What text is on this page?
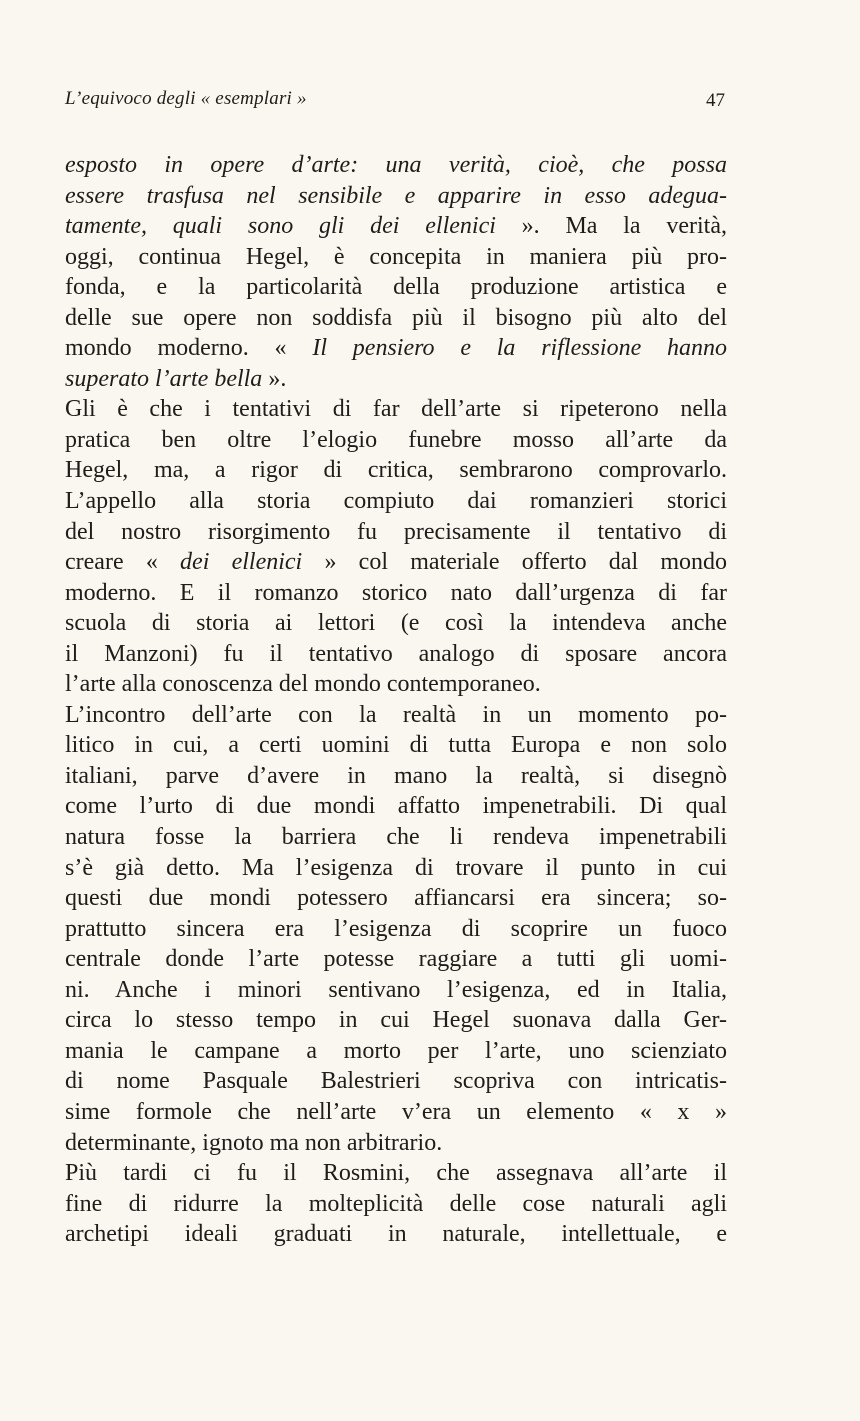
L’equivoco degli « esemplari »	47
esposto in opere d’arte: una verità, cioè, che possa
essere trasfusa nel sensibile e apparire in esso adegua-
tamente, quali sono gli dei ellenici ». Ma la verità,
oggi, continua Hegel, è concepita in maniera più pro-
fonda, e la particolarità della produzione artistica e
delle sue opere non soddisfa più il bisogno più alto del
mondo moderno. « Il pensiero e la riflessione hanno
superato l’arte bella ».
Gli è che i tentativi di far dell’arte si ripeterono nella
pratica ben oltre l’elogio funebre mosso all’arte da
Hegel, ma, a rigor di critica, sembrarono comprovarlo.
L’appello alla storia compiuto dai romanzieri storici
del nostro risorgimento fu precisamente il tentativo di
creare « dei ellenici » col materiale offerto dal mondo
moderno. E il romanzo storico nato dall’urgenza di far
scuola di storia ai lettori (e così la intendeva anche
il Manzoni) fu il tentativo analogo di sposare ancora
l’arte alla conoscenza del mondo contemporaneo.
L’incontro dell’arte con la realtà in un momento po-
litico in cui, a certi uomini di tutta Europa e non solo
italiani, parve d’avere in mano la realtà, si disegnò
come l’urto di due mondi affatto impenetrabili. Di qual
natura fosse la barriera che li rendeva impenetrabili
s’è già detto. Ma l’esigenza di trovare il punto in cui
questi due mondi potessero affiancarsi era sincera; so-
prattutto sincera era l’esigenza di scoprire un fuoco
centrale donde l’arte potesse raggiare a tutti gli uomi-
ni. Anche i minori sentivano l’esigenza, ed in Italia,
circa lo stesso tempo in cui Hegel suonava dalla Ger-
mania le campane a morto per l’arte, uno scienziato
di nome Pasquale Balestrieri scopriva con intricatis-
sime formole che nell’arte v’era un elemento « x »
determinante, ignoto ma non arbitrario.
Più tardi ci fu il Rosmini, che assegnava all’arte il
fine di ridurre la molteplicità delle cose naturali agli
archetipi ideali graduati in naturale, intellettuale, e
